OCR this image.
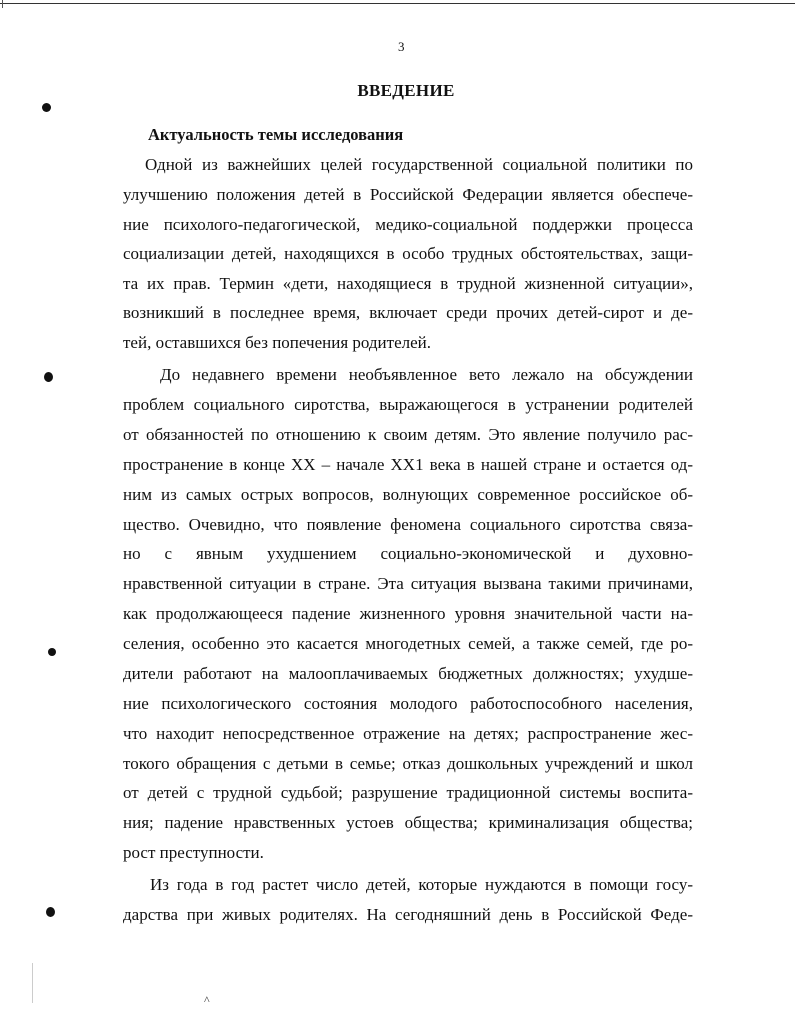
3
ВВЕДЕНИЕ
Актуальность темы исследования
Одной из важнейших целей государственной социальной политики по
улучшению положения детей в Российской Федерации является обеспече-
ние психолого-педагогической, медико-социальной поддержки процесса
социализации детей, находящихся в особо трудных обстоятельствах, защи-
та их прав. Термин «дети, находящиеся в трудной жизненной ситуации»,
возникший в последнее время, включает среди прочих детей-сирот и де-
тей, оставшихся без попечения родителей.
До недавнего времени необъявленное вето лежало на обсуждении
проблем социального сиротства, выражающегося в устранении родителей
от обязанностей по отношению к своим детям. Это явление получило рас-
пространение в конце XX – начале XX1 века в нашей стране и остается од-
ним из самых острых вопросов, волнующих современное российское об-
щество. Очевидно, что появление феномена социального сиротства связа-
но с явным ухудшением социально-экономической и духовно-
нравственной ситуации в стране. Эта ситуация вызвана такими причинами,
как продолжающееся падение жизненного уровня значительной части на-
селения, особенно это касается многодетных семей, а также семей, где ро-
дители работают на малооплачиваемых бюджетных должностях; ухудше-
ние психологического состояния молодого работоспособного населения,
что находит непосредственное отражение на детях; распространение жес-
токого обращения с детьми в семье; отказ дошкольных учреждений и школ
от детей с трудной судьбой; разрушение традиционной системы воспита-
ния; падение нравственных устоев общества; криминализация общества;
рост преступности.
Из года в год растет число детей, которые нуждаются в помощи госу-
дарства при живых родителях. На сегодняшний день в Российской Феде-
^
